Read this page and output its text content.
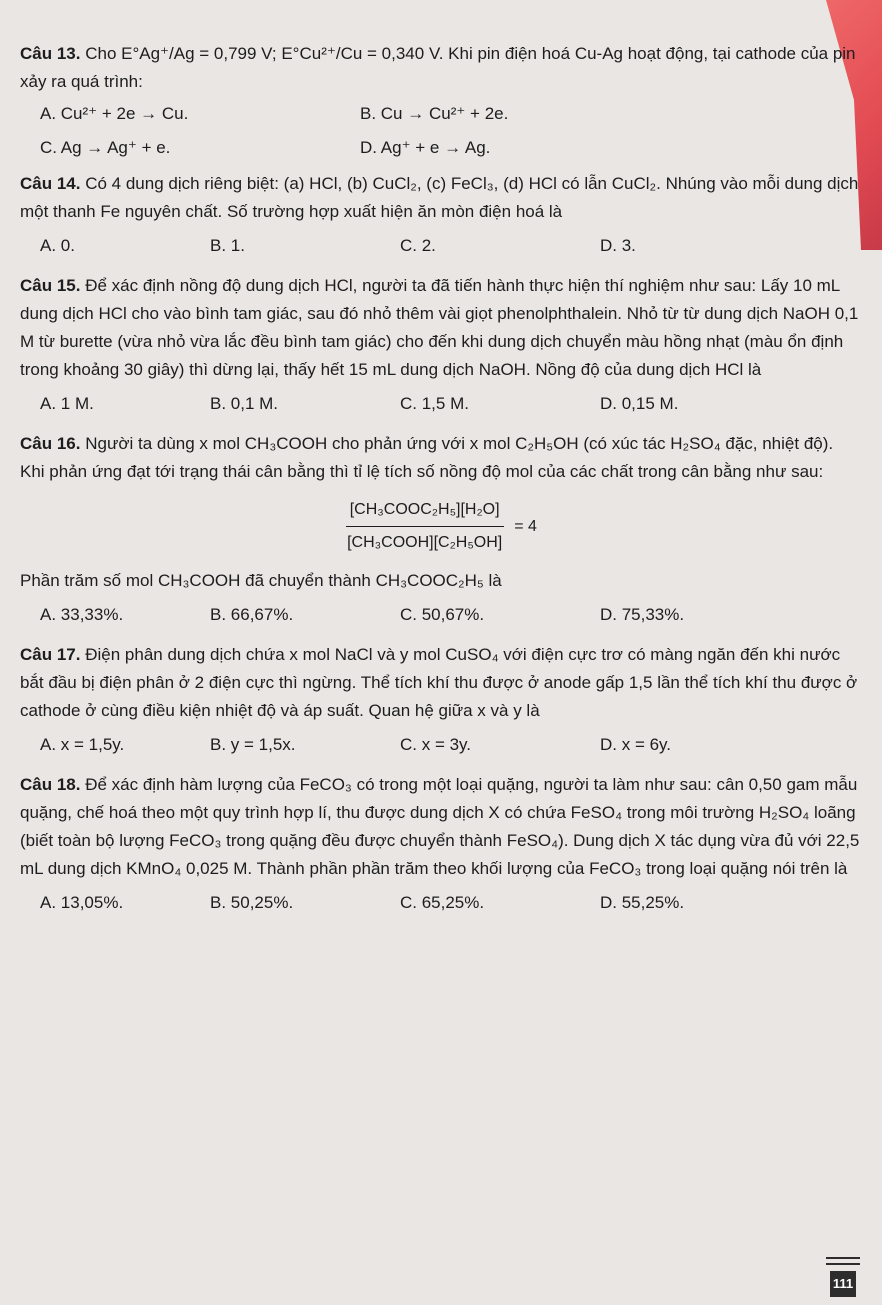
Câu 13. Cho E°Ag⁺/Ag = 0,799 V; E°Cu²⁺/Cu = 0,340 V. Khi pin điện hoá Cu-Ag hoạt động, tại cathode của pin xảy ra quá trình:

A. Cu²⁺ + 2e → Cu.	B. Cu → Cu²⁺ + 2e.
C. Ag → Ag⁺ + e.	D. Ag⁺ + e → Ag.

Câu 14. Có 4 dung dịch riêng biệt: (a) HCl, (b) CuCl₂, (c) FeCl₃, (d) HCl có lẫn CuCl₂. Nhúng vào mỗi dung dịch một thanh Fe nguyên chất. Số trường hợp xuất hiện ăn mòn điện hoá là

A. 0.	B. 1.	C. 2.	D. 3.

Câu 15. Để xác định nồng độ dung dịch HCl, người ta đã tiến hành thực hiện thí nghiệm như sau: Lấy 10 mL dung dịch HCl cho vào bình tam giác, sau đó nhỏ thêm vài giọt phenolphthalein. Nhỏ từ từ dung dịch NaOH 0,1 M từ burette (vừa nhỏ vừa lắc đều bình tam giác) cho đến khi dung dịch chuyển màu hồng nhạt (màu ổn định trong khoảng 30 giây) thì dừng lại, thấy hết 15 mL dung dịch NaOH. Nồng độ của dung dịch HCl là

A. 1 M.	B. 0,1 M.	C. 1,5 M.	D. 0,15 M.

Câu 16. Người ta dùng x mol CH₃COOH cho phản ứng với x mol C₂H₅OH (có xúc tác H₂SO₄ đặc, nhiệt độ). Khi phản ứng đạt tới trạng thái cân bằng thì tỉ lệ tích số nồng độ mol của các chất trong cân bằng như sau:

$\frac{\text{[CH₃COOC₂H₅][H₂O]}}{\text{[CH₃COOH][C₂H₅OH]}} = 4$

Phần trăm số mol CH₃COOH đã chuyển thành CH₃COOC₂H₅ là

A. 33,33%.	B. 66,67%.	C. 50,67%.	D. 75,33%.

Câu 17. Điện phân dung dịch chứa x mol NaCl và y mol CuSO₄ với điện cực trơ có màng ngăn đến khi nước bắt đầu bị điện phân ở 2 điện cực thì ngừng. Thể tích khí thu được ở anode gấp 1,5 lần thể tích khí thu được ở cathode ở cùng điều kiện nhiệt độ và áp suất. Quan hệ giữa x và y là

A. x = 1,5y.	B. y = 1,5x.	C. x = 3y.	D. x = 6y.

Câu 18. Để xác định hàm lượng của FeCO₃ có trong một loại quặng, người ta làm như sau: cân 0,50 gam mẫu quặng, chế hoá theo một quy trình hợp lí, thu được dung dịch X có chứa FeSO₄ trong môi trường H₂SO₄ loãng (biết toàn bộ lượng FeCO₃ trong quặng đều được chuyển thành FeSO₄). Dung dịch X tác dụng vừa đủ với 22,5 mL dung dịch KMnO₄ 0,025 M. Thành phần phần trăm theo khối lượng của FeCO₃ trong loại quặng nói trên là

A. 13,05%.	B. 50,25%.	C. 65,25%.	D. 55,25%.
111
